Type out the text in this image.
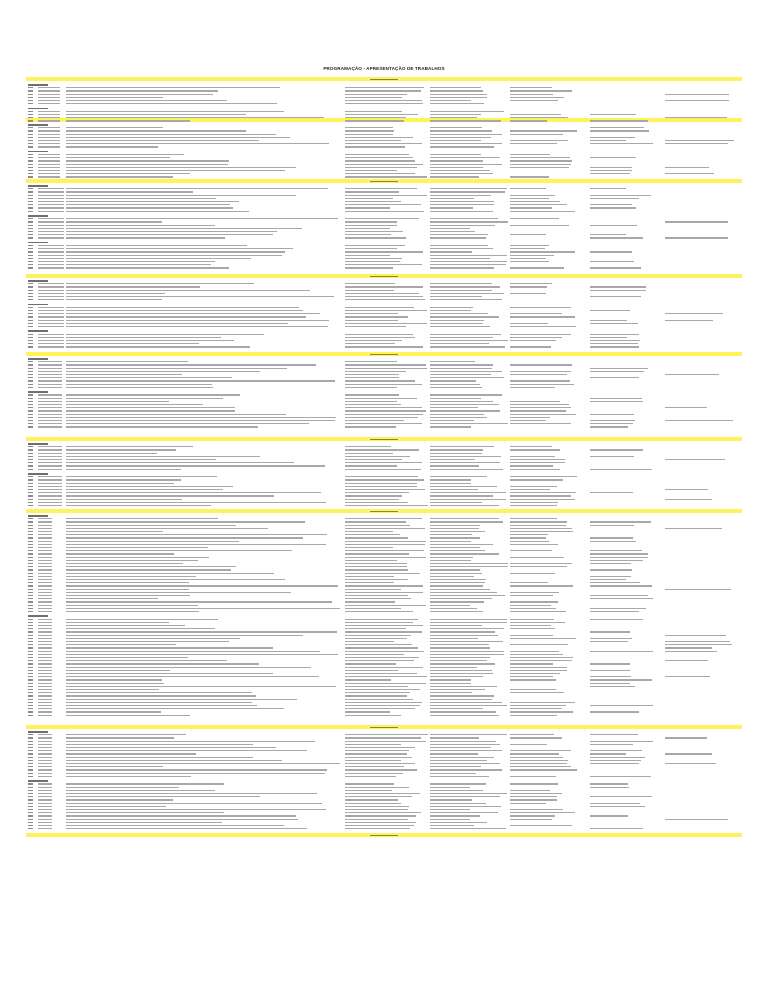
PROGRAMAÇÃO - APRESENTAÇÃO DE TRABALHOS
